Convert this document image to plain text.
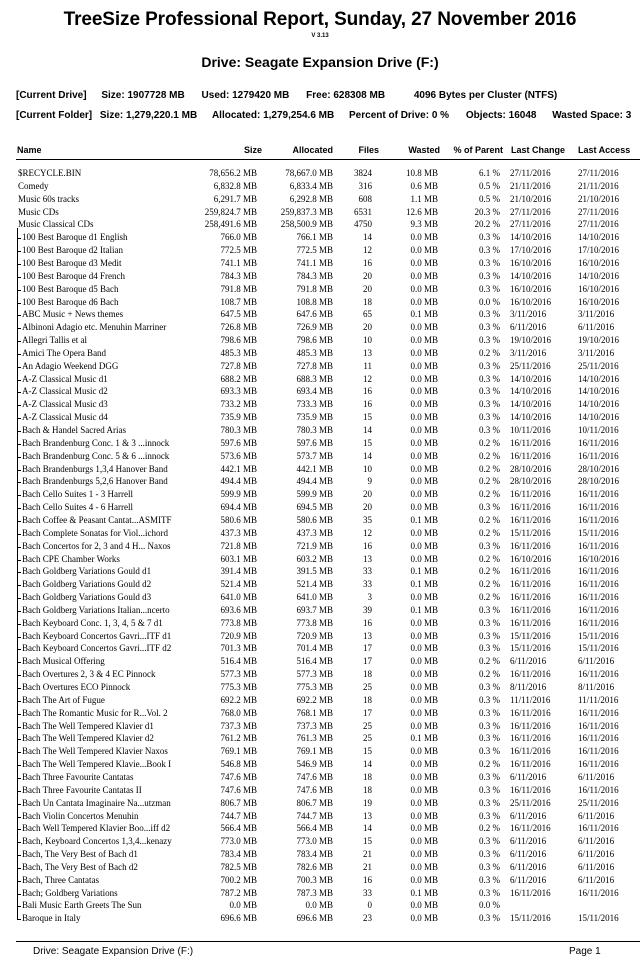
TreeSize Professional Report, Sunday, 27 November 2016
V 3.13
Drive: Seagate Expansion Drive (F:)
[Current Drive] Size: 1907728 MB Used: 1279420 MB Free: 628308 MB	4096 Bytes per Cluster (NTFS)
[Current Folder] Size: 1,279,220.1 MB Allocated: 1,279,254.6 MB Percent of Drive: 0 % Objects: 16048 Wasted Space: 3
Name	Size	Allocated	Files	Wasted % of Parent Last Change Last Access
$RECYCLE.BIN	78,656.2 MB	78,667.0 MB 3824	10.8 MB	6.1 % 27/11/2016	27/11/2016
Comedy	6,832.8 MB	6,833.4 MB	316	0.6 MB	0.5 % 21/11/2016	21/11/2016
Music 60s tracks	6,291.7 MB	6,292.8 MB	608	1.1 MB	0.5 % 21/10/2016	21/10/2016
Music CDs	259,824.7 MB	259,837.3 MB 6531	12.6 MB	20.3 % 27/11/2016	27/11/2016
Music Classical CDs	258,491.6 MB	258,500.9 MB 4750	9.3 MB	20.2 % 27/11/2016	27/11/2016
100 Best Baroque d1 English	766.0 MB	766.1 MB	14	0.0 MB	0.3 % 14/10/2016	14/10/2016
100 Best Baroque d2 Italian	772.5 MB	772.5 MB	12	0.0 MB	0.3 % 17/10/2016	17/10/2016
100 Best Baroque d3 Medit	741.1 MB	741.1 MB	16	0.0 MB	0.3 % 16/10/2016	16/10/2016
100 Best Baroque d4 French	784.3 MB	784.3 MB	20	0.0 MB	0.3 % 14/10/2016	14/10/2016
100 Best Baroque d5 Bach	791.8 MB	791.8 MB	20	0.0 MB	0.3 % 16/10/2016	16/10/2016
100 Best Baroque d6 Bach	108.7 MB	108.8 MB	18	0.0 MB	0.0 % 16/10/2016	16/10/2016
ABC Music + News themes	647.5 MB	647.6 MB	65	0.1 MB	0.3 % 3/11/2016	3/11/2016
Albinoni Adagio etc. Menuhin Marriner	726.8 MB	726.9 MB	20	0.0 MB	0.3 % 6/11/2016	6/11/2016
Allegri Tallis et al	798.6 MB	798.6 MB	10	0.0 MB	0.3 % 19/10/2016	19/10/2016
Amici The Opera Band	485.3 MB	485.3 MB	13	0.0 MB	0.2 % 3/11/2016	3/11/2016
An Adagio Weekend DGG	727.8 MB	727.8 MB	11	0.0 MB	0.3 % 25/11/2016	25/11/2016
A-Z Classical Music d1	688.2 MB	688.3 MB	12	0.0 MB	0.3 % 14/10/2016	14/10/2016
A-Z Classical Music d2	693.3 MB	693.4 MB	16	0.0 MB	0.3 % 14/10/2016	14/10/2016
A-Z Classical Music d3	733.2 MB	733.3 MB	16	0.0 MB	0.3 % 14/10/2016	14/10/2016
A-Z Classical Music d4	735.9 MB	735.9 MB	15	0.0 MB	0.3 % 14/10/2016	14/10/2016
Bach & Handel Sacred Arias	780.3 MB	780.3 MB	14	0.0 MB	0.3 % 10/11/2016	10/11/2016
Bach Brandenburg Conc. 1 & 3 ...innock	597.6 MB	597.6 MB	15	0.0 MB	0.2 % 16/11/2016	16/11/2016
Bach Brandenburg Conc. 5 & 6 ...innock	573.6 MB	573.7 MB	14	0.0 MB	0.2 % 16/11/2016	16/11/2016
Bach Brandenburgs 1,3,4 Hanover Band	442.1 MB	442.1 MB	10	0.0 MB	0.2 % 28/10/2016	28/10/2016
Bach Brandenburgs 5,2,6 Hanover Band	494.4 MB	494.4 MB	9	0.0 MB	0.2 % 28/10/2016	28/10/2016
Bach Cello Suites 1 - 3 Harrell	599.9 MB	599.9 MB	20	0.0 MB	0.2 % 16/11/2016	16/11/2016
Bach Cello Suites 4 - 6 Harrell	694.4 MB	694.5 MB	20	0.0 MB	0.3 % 16/11/2016	16/11/2016
Bach Coffee & Peasant Cantat...ASMITF	580.6 MB	580.6 MB	35	0.1 MB	0.2 % 16/11/2016	16/11/2016
Bach Complete Sonatas for Viol...ichord	437.3 MB	437.3 MB	12	0.0 MB	0.2 % 15/11/2016	15/11/2016
Bach Concertos for 2, 3 and 4 H... Naxos	721.8 MB	721.9 MB	16	0.0 MB	0.3 % 16/11/2016	16/11/2016
Bach CPE Chamber Works	603.1 MB	603.2 MB	13	0.0 MB	0.2 % 16/10/2016	16/10/2016
Bach Goldberg Variations Gould d1	391.4 MB	391.5 MB	33	0.1 MB	0.2 % 16/11/2016	16/11/2016
Bach Goldberg Variations Gould d2	521.4 MB	521.4 MB	33	0.1 MB	0.2 % 16/11/2016	16/11/2016
Bach Goldberg Variations Gould d3	641.0 MB	641.0 MB	3	0.0 MB	0.2 % 16/11/2016	16/11/2016
Bach Goldberg Variations Italian...ncerto	693.6 MB	693.7 MB	39	0.1 MB	0.3 % 16/11/2016	16/11/2016
Bach Keyboard Conc. 1, 3, 4, 5 & 7 d1	773.8 MB	773.8 MB	16	0.0 MB	0.3 % 16/11/2016	16/11/2016
Bach Keyboard Concertos Gavri...ITF d1	720.9 MB	720.9 MB	13	0.0 MB	0.3 % 15/11/2016	15/11/2016
Bach Keyboard Concertos Gavri...ITF d2	701.3 MB	701.4 MB	17	0.0 MB	0.3 % 15/11/2016	15/11/2016
Bach Musical Offering	516.4 MB	516.4 MB	17	0.0 MB	0.2 % 6/11/2016	6/11/2016
Bach Overtures 2, 3 & 4 EC Pinnock	577.3 MB	577.3 MB	18	0.0 MB	0.2 % 16/11/2016	16/11/2016
Bach Overtures ECO Pinnock	775.3 MB	775.3 MB	25	0.0 MB	0.3 % 8/11/2016	8/11/2016
Bach The Art of Fugue	692.2 MB	692.2 MB	18	0.0 MB	0.3 % 11/11/2016	11/11/2016
Bach The Romantic Music for R...Vol. 2	768.0 MB	768.1 MB	17	0.0 MB	0.3 % 16/11/2016	16/11/2016
Bach The Well Tempered Klavier d1	737.3 MB	737.3 MB	25	0.0 MB	0.3 % 16/11/2016	16/11/2016
Bach The Well Tempered Klavier d2	761.2 MB	761.3 MB	25	0.1 MB	0.3 % 16/11/2016	16/11/2016
Bach The Well Tempered Klavier Naxos	769.1 MB	769.1 MB	15	0.0 MB	0.3 % 16/11/2016	16/11/2016
Bach The Well Tempered Klavie...Book I	546.8 MB	546.9 MB	14	0.0 MB	0.2 % 16/11/2016	16/11/2016
Bach Three Favourite Cantatas	747.6 MB	747.6 MB	18	0.0 MB	0.3 % 6/11/2016	6/11/2016
Bach Three Favourite Cantatas II	747.6 MB	747.6 MB	18	0.0 MB	0.3 % 16/11/2016	16/11/2016
Bach Un Cantata Imaginaire Na...utzman	806.7 MB	806.7 MB	19	0.0 MB	0.3 % 25/11/2016	25/11/2016
Bach Violin Concertos Menuhin	744.7 MB	744.7 MB	13	0.0 MB	0.3 % 6/11/2016	6/11/2016
Bach Well Tempered Klavier Boo...iff d2	566.4 MB	566.4 MB	14	0.0 MB	0.2 % 16/11/2016	16/11/2016
Bach, Keyboard Concertos 1,3,4...kenazy	773.0 MB	773.0 MB	15	0.0 MB	0.3 % 6/11/2016	6/11/2016
Bach, The Very Best of Bach d1	783.4 MB	783.4 MB	21	0.0 MB	0.3 % 6/11/2016	6/11/2016
Bach, The Very Best of Bach d2	782.5 MB	782.6 MB	21	0.0 MB	0.3 % 6/11/2016	6/11/2016
Bach, Three Cantatas	700.2 MB	700.3 MB	16	0.0 MB	0.3 % 6/11/2016	6/11/2016
Bach; Goldberg Variations	787.2 MB	787.3 MB	33	0.1 MB	0.3 % 16/11/2016	16/11/2016
Bali Music Earth Greets The Sun	0.0 MB	0.0 MB	0	0.0 MB	0.0 %
Baroque in Italy	696.6 MB	696.6 MB	23	0.0 MB	0.3 % 15/11/2016	15/11/2016
Drive: Seagate Expansion Drive (F:)	Page 1
